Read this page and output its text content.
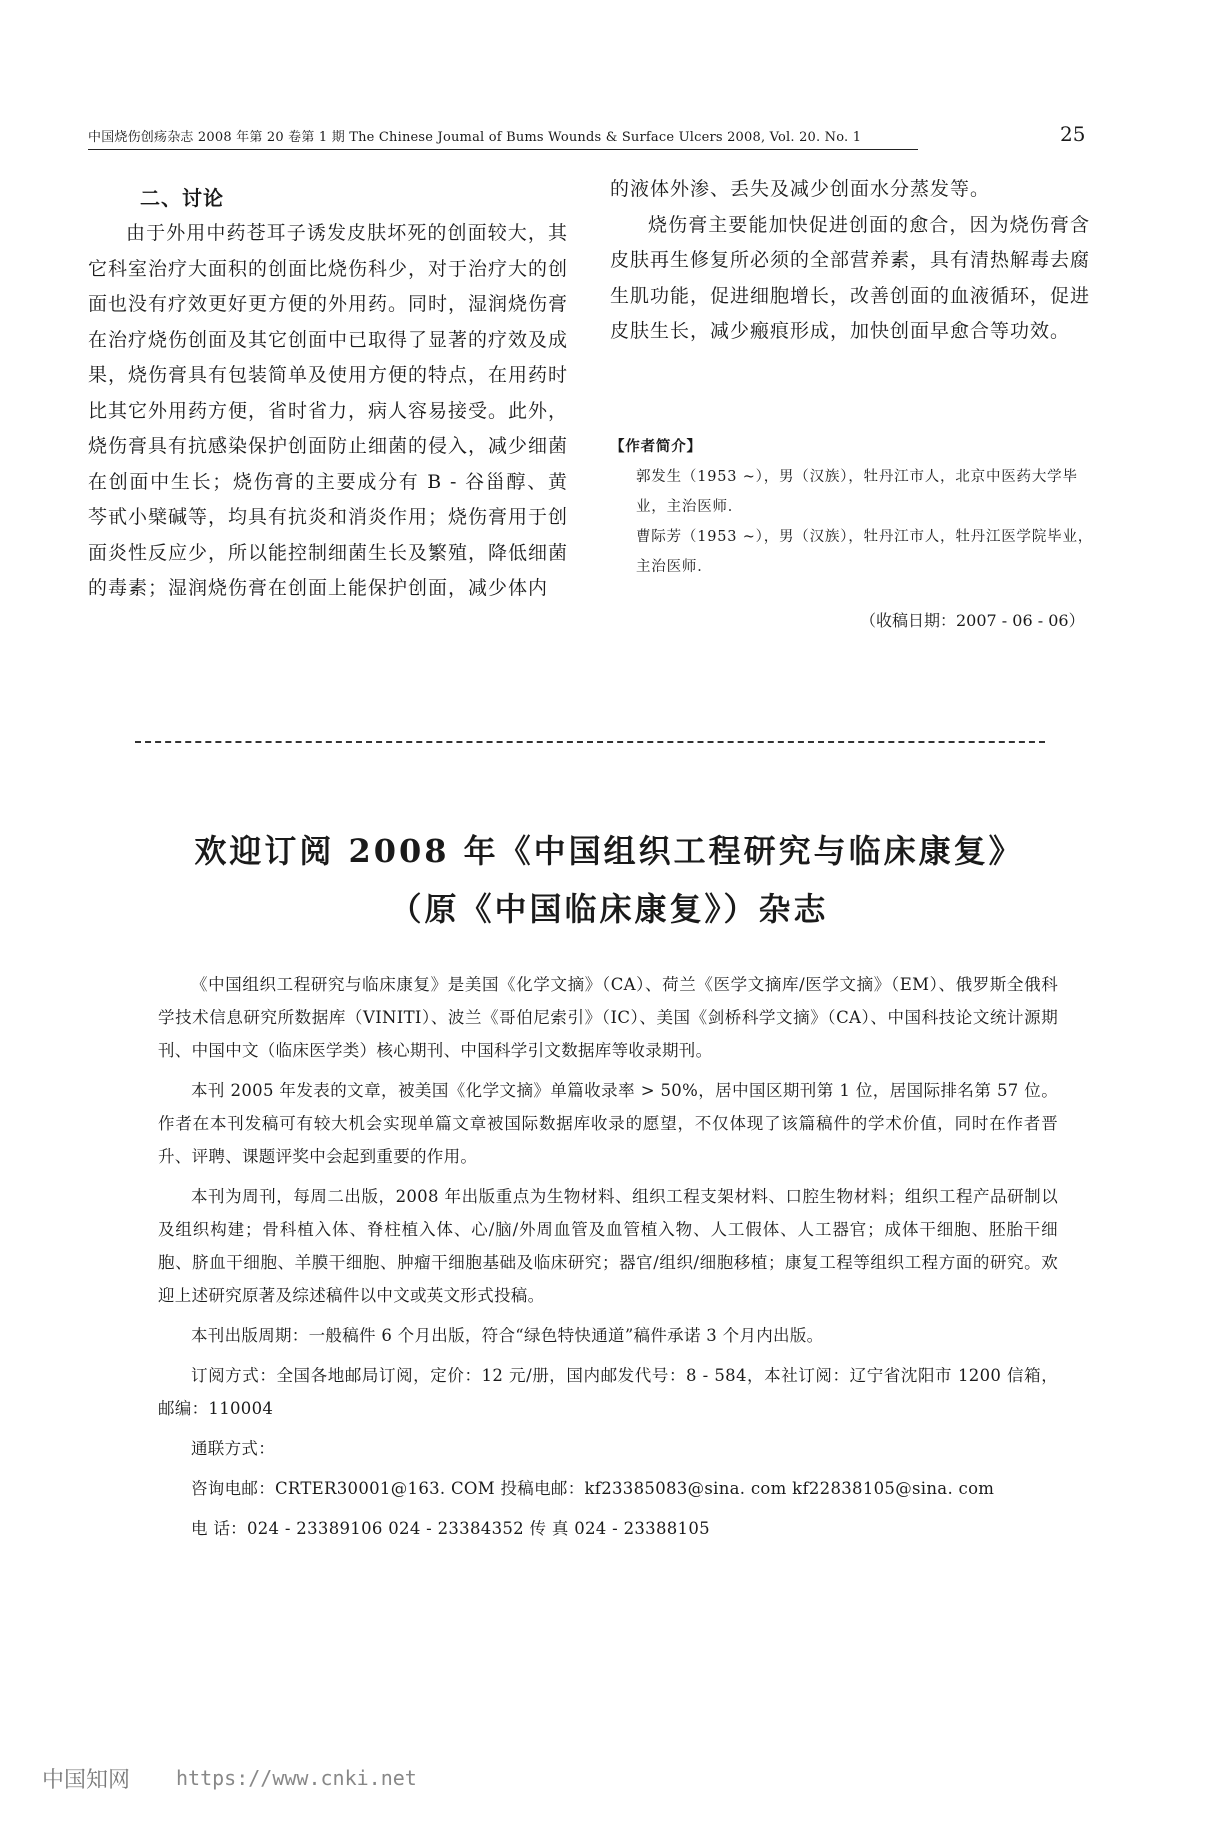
中国烧伤创疡杂志 2008 年第 20 卷第 1 期 The Chinese Joumal of Bums Wounds & Surface Ulcers 2008, Vol. 20. No. 1	25
二、讨论

由于外用中药苍耳子诱发皮肤坏死的创面较大，其它科室治疗大面积的创面比烧伤科少，对于治疗大的创面也没有疗效更好更方便的外用药。同时，湿润烧伤膏在治疗烧伤创面及其它创面中已取得了显著的疗效及成果，烧伤膏具有包装简单及使用方便的特点，在用药时比其它外用药方便，省时省力，病人容易接受。此外，烧伤膏具有抗感染保护创面防止细菌的侵入，减少细菌在创面中生长；烧伤膏的主要成分有 B - 谷甾醇、黄芩甙小檗碱等，均具有抗炎和消炎作用；烧伤膏用于创面炎性反应少，所以能控制细菌生长及繁殖，降低细菌的毒素；湿润烧伤膏在创面上能保护创面，减少体内

的液体外渗、丢失及减少创面水分蒸发等。

烧伤膏主要能加快促进创面的愈合，因为烧伤膏含皮肤再生修复所必须的全部营养素，具有清热解毒去腐生肌功能，促进细胞增长，改善创面的血液循环，促进皮肤生长，减少瘢痕形成，加快创面早愈合等功效。

【作者简介】

郭发生（1953 ~），男（汉族），牡丹江市人，北京中医药大学毕业，主治医师．

曹际芳（1953 ~），男（汉族），牡丹江市人，牡丹江医学院毕业，主治医师．

（收稿日期：2007 - 06 - 06）
欢迎订阅 2008 年《中国组织工程研究与临床康复》
（原《中国临床康复》）杂志

《中国组织工程研究与临床康复》是美国《化学文摘》（CA）、荷兰《医学文摘库/医学文摘》（EM）、俄罗斯全俄科学技术信息研究所数据库（VINITI）、波兰《哥伯尼索引》（IC）、美国《剑桥科学文摘》（CA）、中国科技论文统计源期刊、中国中文（临床医学类）核心期刊、中国科学引文数据库等收录期刊。

本刊 2005 年发表的文章，被美国《化学文摘》单篇收录率 > 50%，居中国区期刊第 1 位，居国际排名第 57 位。作者在本刊发稿可有较大机会实现单篇文章被国际数据库收录的愿望，不仅体现了该篇稿件的学术价值，同时在作者晋升、评聘、课题评奖中会起到重要的作用。

本刊为周刊，每周二出版，2008 年出版重点为生物材料、组织工程支架材料、口腔生物材料；组织工程产品研制以及组织构建；骨科植入体、脊柱植入体、心/脑/外周血管及血管植入物、人工假体、人工器官；成体干细胞、胚胎干细胞、脐血干细胞、羊膜干细胞、肿瘤干细胞基础及临床研究；器官/组织/细胞移植；康复工程等组织工程方面的研究。欢迎上述研究原著及综述稿件以中文或英文形式投稿。

本刊出版周期：一般稿件 6 个月出版，符合“绿色特快通道”稿件承诺 3 个月内出版。

订阅方式：全国各地邮局订阅，定价：12 元/册，国内邮发代号：8 - 584，本社订阅：辽宁省沈阳市 1200 信箱，邮编：110004

通联方式：

咨询电邮：CRTER30001@163. COM 投稿电邮：kf23385083@sina. com kf22838105@sina. com

电 话：024 - 23389106 024 - 23384352 传 真 024 - 23388105

中国知网 https://www.cnki.net
